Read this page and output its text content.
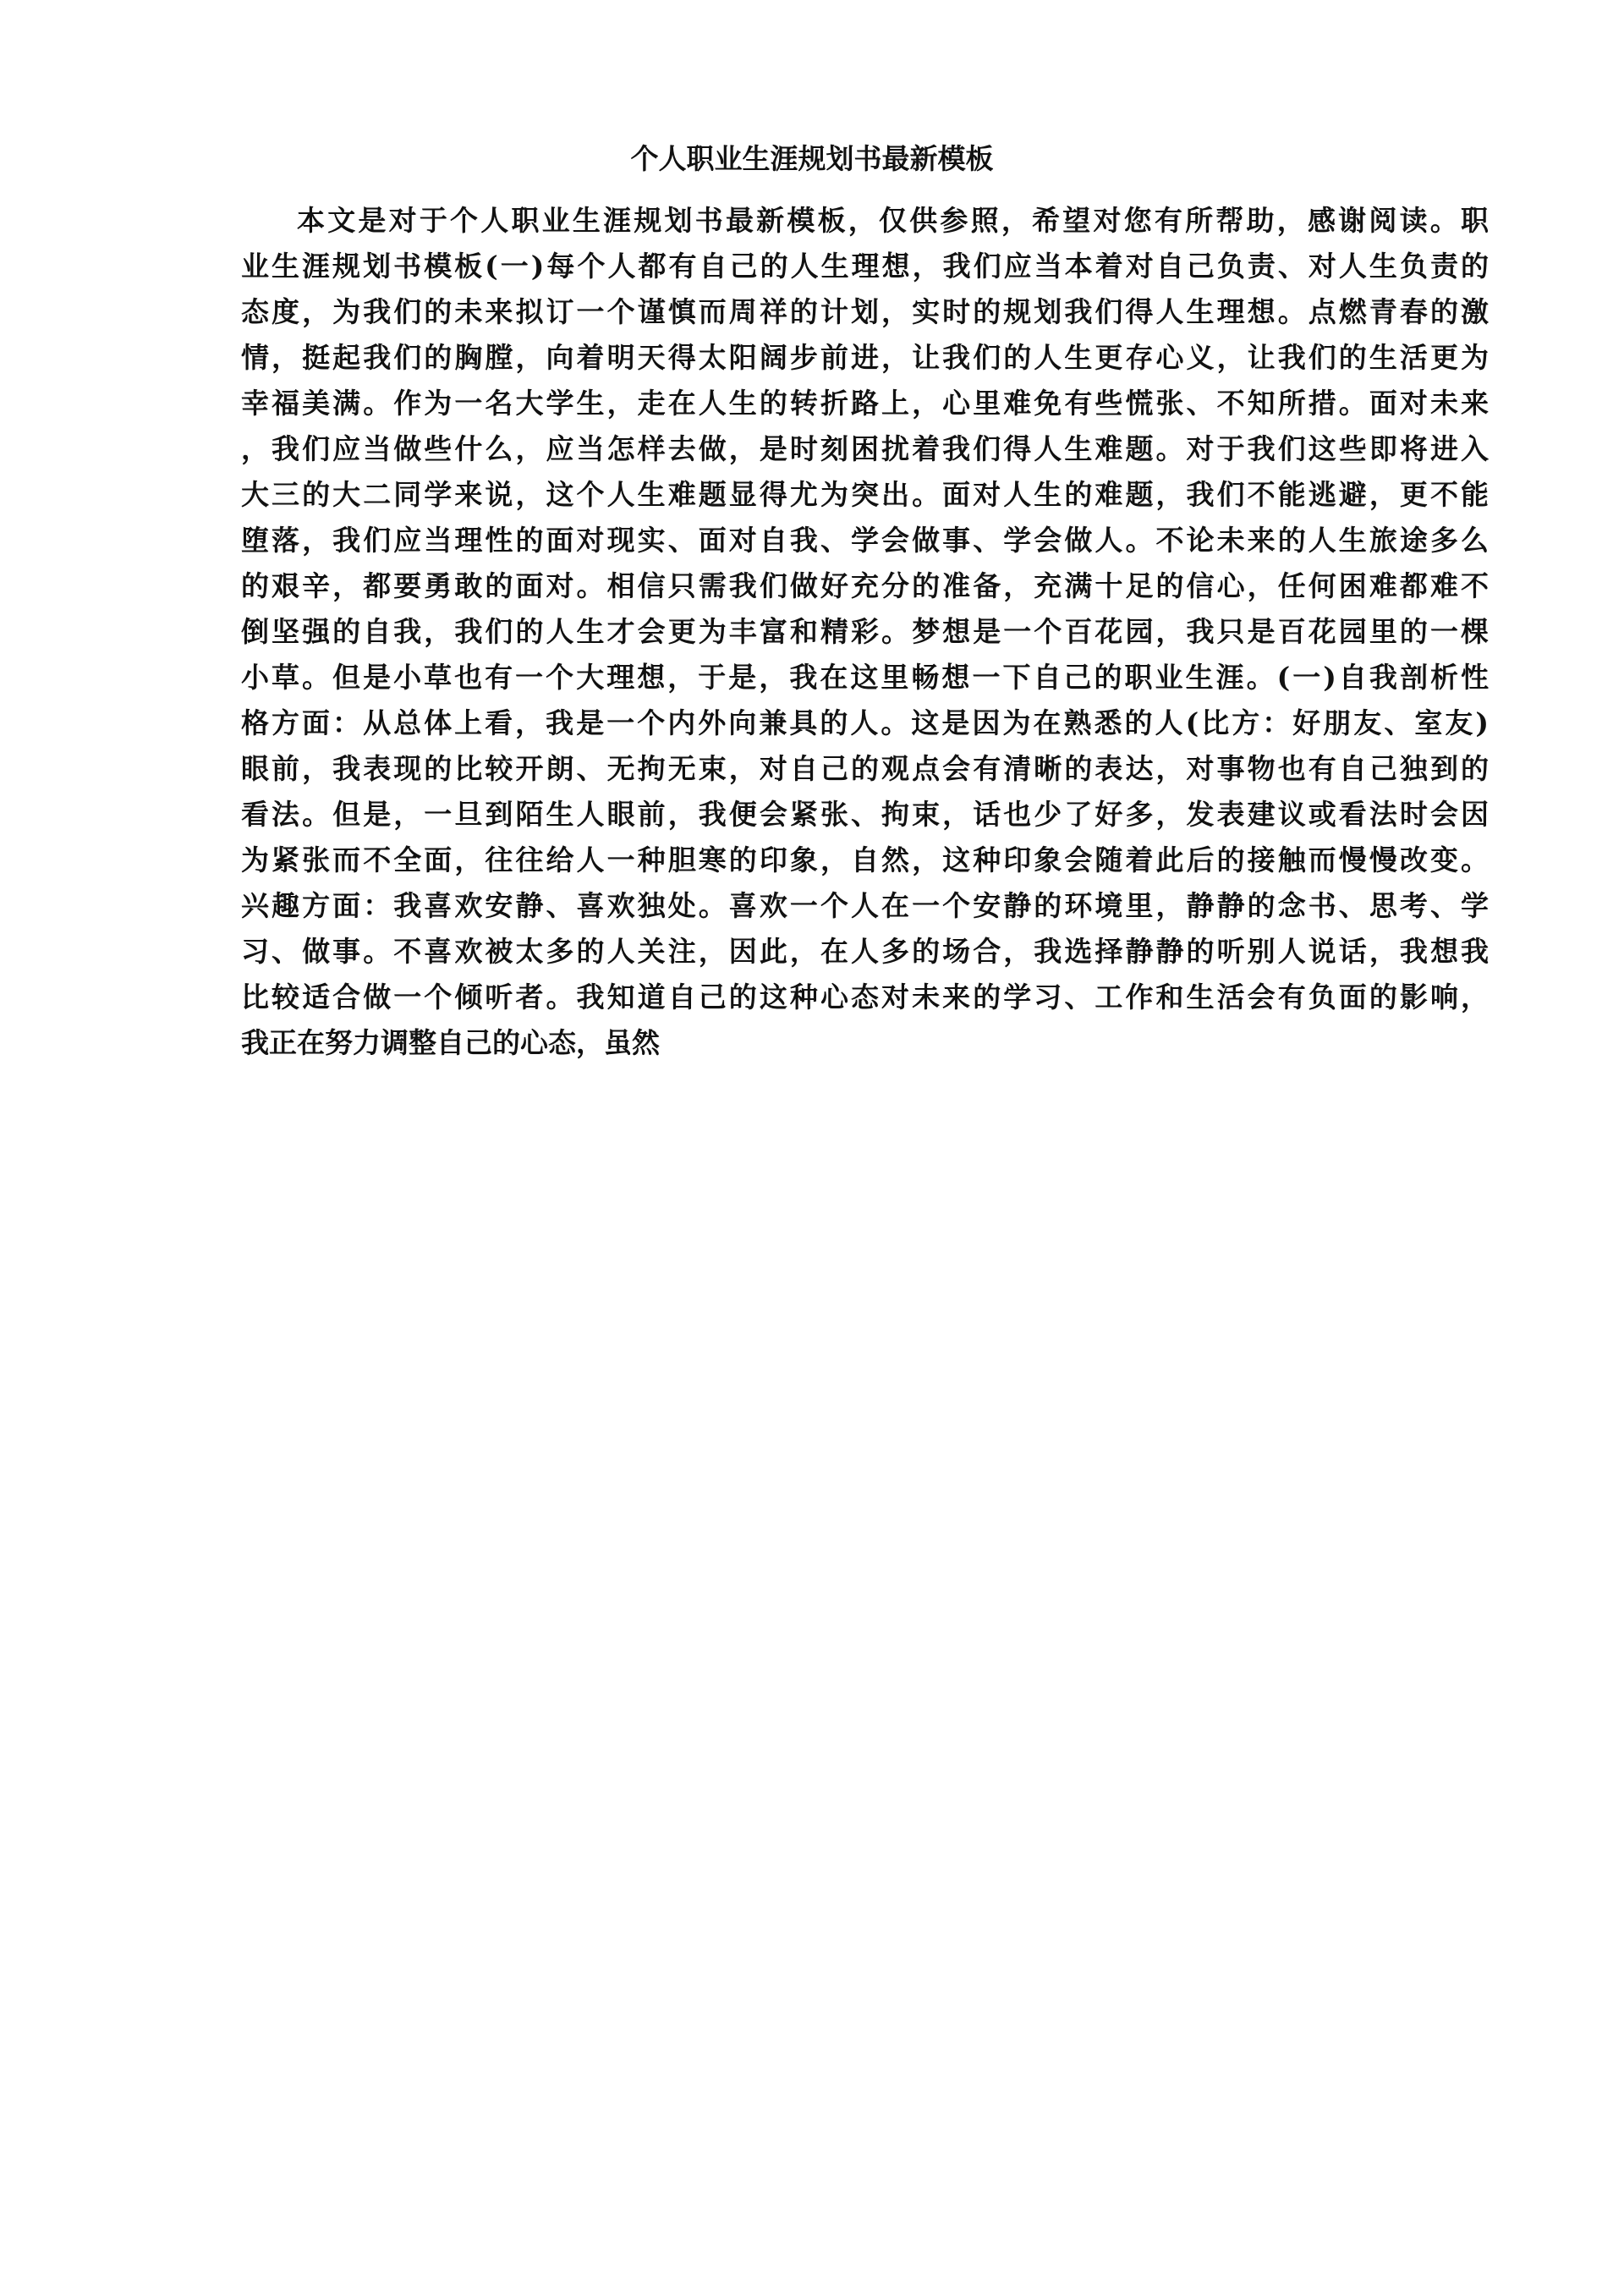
个人职业生涯规划书最新模板
本文是对于个人职业生涯规划书最新模板，仅供参照，希望对您有所帮助，感谢阅读。职
业生涯规划书模板(一)每个人都有自己的人生理想，我们应当本着对自己负责、对人生负责的
态度，为我们的未来拟订一个谨慎而周祥的计划，实时的规划我们得人生理想。点燃青春的激
情，挺起我们的胸膛，向着明天得太阳阔步前进，让我们的人生更存心义，让我们的生活更为
幸福美满。作为一名大学生，走在人生的转折路上，心里难免有些慌张、不知所措。面对未来
，我们应当做些什么，应当怎样去做，是时刻困扰着我们得人生难题。对于我们这些即将进入
大三的大二同学来说，这个人生难题显得尤为突出。面对人生的难题，我们不能逃避，更不能
堕落，我们应当理性的面对现实、面对自我、学会做事、学会做人。不论未来的人生旅途多么
的艰辛，都要勇敢的面对。相信只需我们做好充分的准备，充满十足的信心，任何困难都难不
倒坚强的自我，我们的人生才会更为丰富和精彩。梦想是一个百花园，我只是百花园里的一棵
小草。但是小草也有一个大理想，于是，我在这里畅想一下自己的职业生涯。(一)自我剖析性
格方面：从总体上看，我是一个内外向兼具的人。这是因为在熟悉的人(比方：好朋友、室友)
眼前，我表现的比较开朗、无拘无束，对自己的观点会有清晰的表达，对事物也有自己独到的
看法。但是，一旦到陌生人眼前，我便会紧张、拘束，话也少了好多，发表建议或看法时会因
为紧张而不全面，往往给人一种胆寒的印象，自然，这种印象会随着此后的接触而慢慢改变。
兴趣方面：我喜欢安静、喜欢独处。喜欢一个人在一个安静的环境里，静静的念书、思考、学
习、做事。不喜欢被太多的人关注，因此，在人多的场合，我选择静静的听别人说话，我想我
比较适合做一个倾听者。我知道自己的这种心态对未来的学习、工作和生活会有负面的影响，
我正在努力调整自己的心态，虽然
